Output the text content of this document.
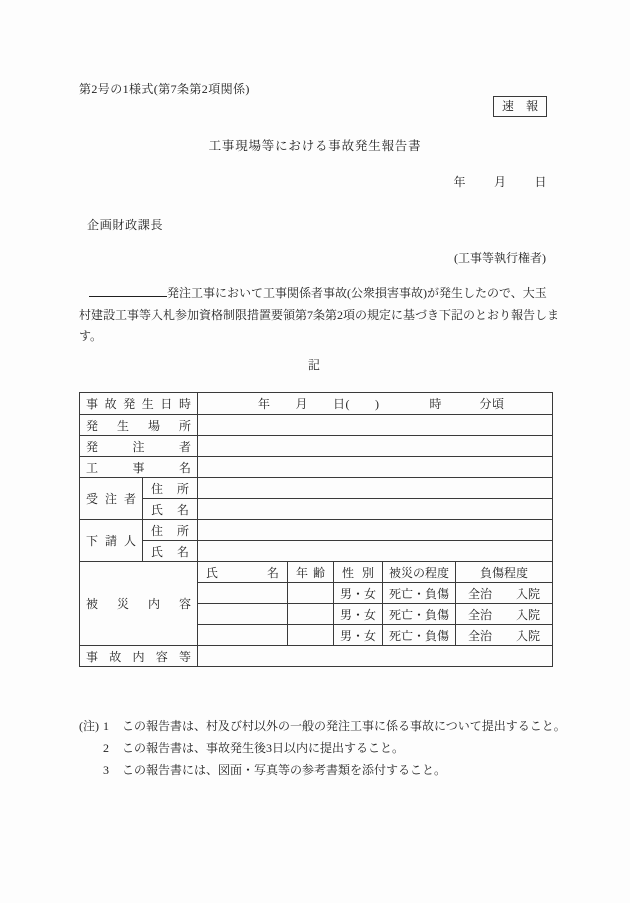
第2号の1様式(第7条第2項関係)
速　報
工事現場等における事故発生報告書
年　　月　　日
企画財政課長
(工事等執行権者)
発注工事において工事関係者事故(公衆損害事故)が発生したので、大玉
村建設工事等入札参加資格制限措置要領第7条第2項の規定に基づき下記のとおり報告しま
す。
記
事故発生日時		年　　月　　日(　　)　　　　時　　　分頃				
発生場所						
発注者						
工事名						
受注者	住所					
	氏名					
下請人	住所					
	氏名					
被災内容		氏名	年齢	性別	被災の程度	負傷程度
				男・女	死亡・負傷	全治　　入院
				男・女	死亡・負傷	全治　　入院
				男・女	死亡・負傷	全治　　入院
事故内容等						
(注) 1 この報告書は、村及び村以外の一般の発注工事に係る事故について提出すること。
2 この報告書は、事故発生後3日以内に提出すること。
3 この報告書には、図面・写真等の参考書類を添付すること。
